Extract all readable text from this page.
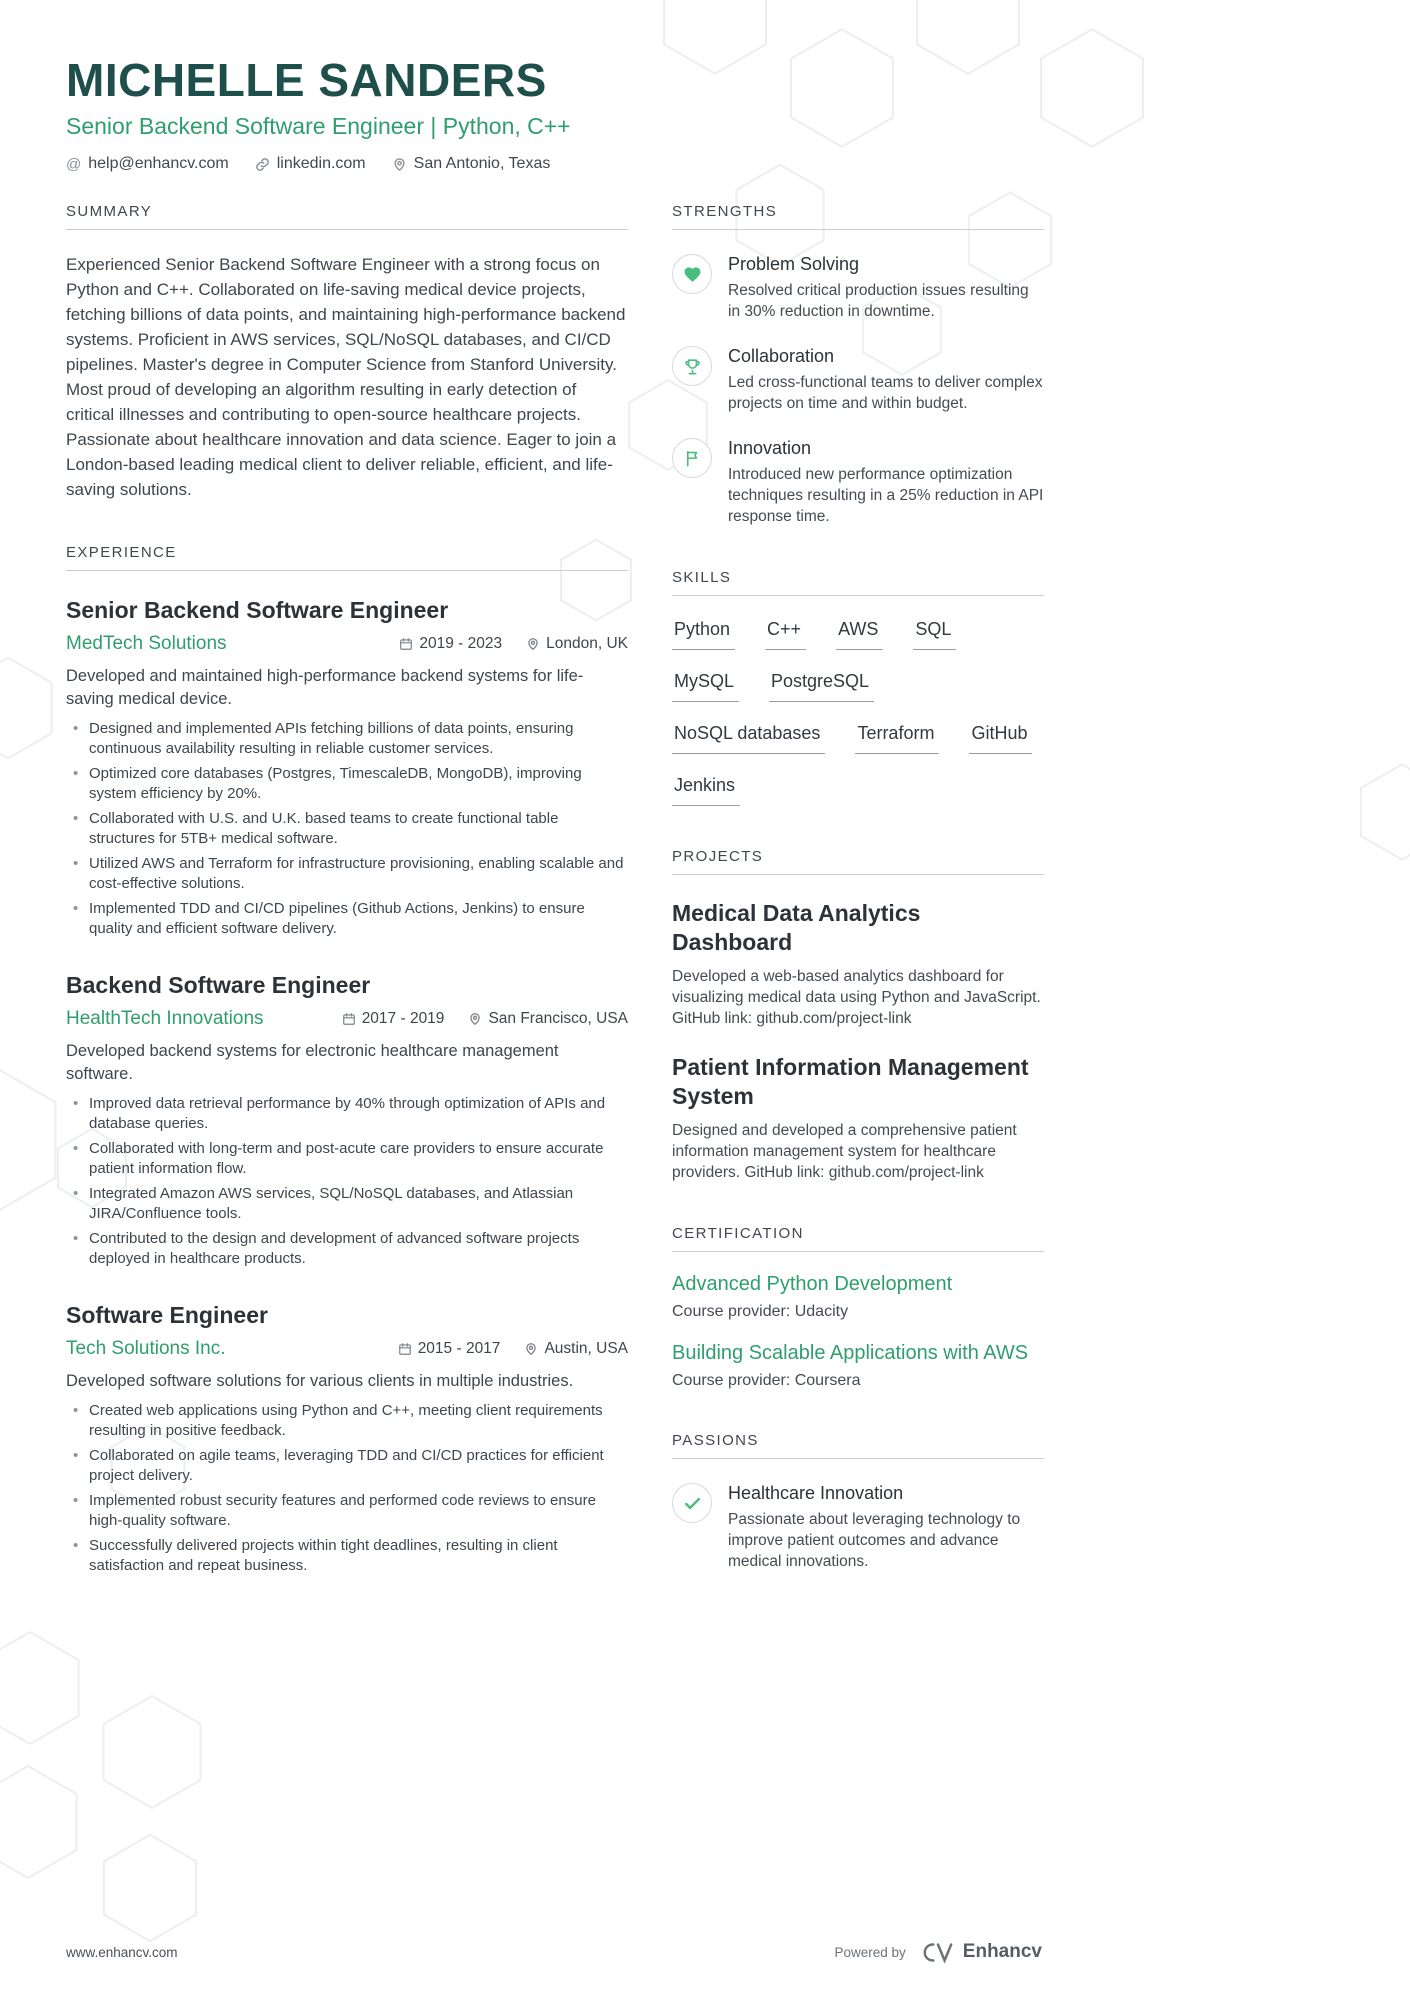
MICHELLE SANDERS
Senior Backend Software Engineer | Python, C++
@ help@enhancv.com	linkedin.com	San Antonio, Texas
SUMMARY

Experienced Senior Backend Software Engineer with a strong focus on Python and C++. Collaborated on life-saving medical device projects, fetching billions of data points, and maintaining high-performance backend systems. Proficient in AWS services, SQL/NoSQL databases, and CI/CD pipelines. Master's degree in Computer Science from Stanford University. Most proud of developing an algorithm resulting in early detection of critical illnesses and contributing to open-source healthcare projects. Passionate about healthcare innovation and data science. Eager to join a London-based leading medical client to deliver reliable, efficient, and life-saving solutions.

EXPERIENCE
Senior Backend Software Engineer
MedTech Solutions	2019 - 2023	London, UK
Developed and maintained high-performance backend systems for life-saving medical device.
• Designed and implemented APIs fetching billions of data points, ensuring continuous availability resulting in reliable customer services.
• Optimized core databases (Postgres, TimescaleDB, MongoDB), improving system efficiency by 20%.
• Collaborated with U.S. and U.K. based teams to create functional table structures for 5TB+ medical software.
• Utilized AWS and Terraform for infrastructure provisioning, enabling scalable and cost-effective solutions.
• Implemented TDD and CI/CD pipelines (Github Actions, Jenkins) to ensure quality and efficient software delivery.
Backend Software Engineer
HealthTech Innovations	2017 - 2019	San Francisco, USA
Developed backend systems for electronic healthcare management software.
• Improved data retrieval performance by 40% through optimization of APIs and database queries.
• Collaborated with long-term and post-acute care providers to ensure accurate patient information flow.
• Integrated Amazon AWS services, SQL/NoSQL databases, and Atlassian JIRA/Confluence tools.
• Contributed to the design and development of advanced software projects deployed in healthcare products.
Software Engineer
Tech Solutions Inc.	2015 - 2017	Austin, USA
Developed software solutions for various clients in multiple industries.
• Created web applications using Python and C++, meeting client requirements resulting in positive feedback.
• Collaborated on agile teams, leveraging TDD and CI/CD practices for efficient project delivery.
• Implemented robust security features and performed code reviews to ensure high-quality software.
• Successfully delivered projects within tight deadlines, resulting in client satisfaction and repeat business.
STRENGTHS
Problem Solving
Resolved critical production issues resulting in 30% reduction in downtime.
Collaboration
Led cross-functional teams to deliver complex projects on time and within budget.
Innovation
Introduced new performance optimization techniques resulting in a 25% reduction in API response time.
SKILLS
Python C++ AWS SQL
MySQL PostgreSQL
NoSQL databases Terraform GitHub
Jenkins
PROJECTS
Medical Data Analytics Dashboard
Developed a web-based analytics dashboard for visualizing medical data using Python and JavaScript. GitHub link: github.com/project-link
Patient Information Management System
Designed and developed a comprehensive patient information management system for healthcare providers. GitHub link: github.com/project-link
CERTIFICATION
Advanced Python Development
Course provider: Udacity
Building Scalable Applications with AWS
Course provider: Coursera
PASSIONS
Healthcare Innovation
Passionate about leveraging technology to improve patient outcomes and advance medical innovations.
www.enhancv.com	Powered by	Enhancv
